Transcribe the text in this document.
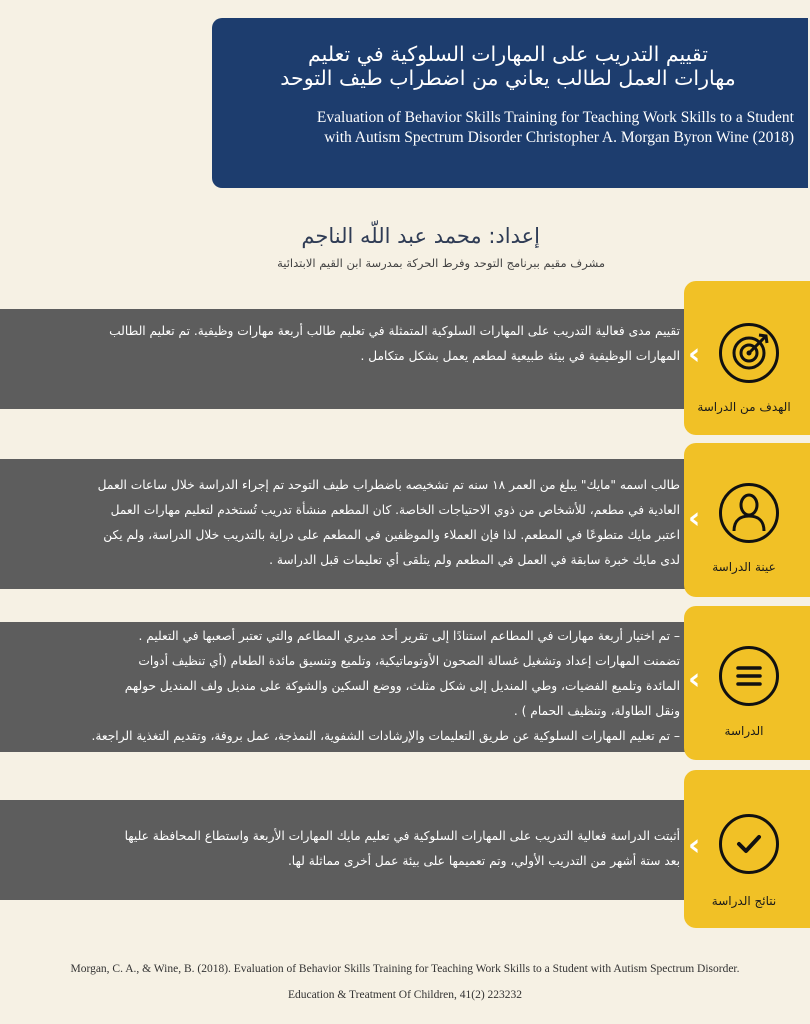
تقييم التدريب على المهارات السلوكية في تعليم
مهارات العمل لطالب يعاني من اضطراب طيف التوحد
Evaluation of Behavior Skills Training for Teaching Work Skills to a Student
with Autism Spectrum Disorder Christopher A. Morgan Byron Wine (2018)
إعداد: محمد عبد اللّه الناجم
مشرف مقيم ببرنامج التوحد وفرط الحركة بمدرسة ابن القيم الابتدائية

تقييم مدى فعالية التدريب على المهارات السلوكية المتمثلة في تعليم طالب أربعة مهارات وظيفية. تم تعليم الطالب

المهارات الوظيفية في بيئة طبيعية لمطعم يعمل بشكل متكامل . ‹
الهدف من الدراسة

طالب اسمه "مايك" يبلغ من العمر ١٨ سنه تم تشخيصه باضطراب طيف التوحد تم إجراء الدراسة خلال ساعات العمل

العادية في مطعم، للأشخاص من ذوي الاحتياجات الخاصة. كان المطعم منشأة تدريب تُستخدم لتعليم مهارات العمل

اعتبر مايك متطوعًا في المطعم. لذا فإن العملاء والموظفين في المطعم على دراية بالتدريب خلال الدراسة، ولم يكن

لدى مايك خبرة سابقة في العمل في المطعم ولم يتلقى أي تعليمات قبل الدراسة .

‹
عينة الدراسة

– تم اختيار أربعة مهارات في المطاعم استنادًا إلى تقرير أحد مديري المطاعم والتي تعتبر أصعبها في التعليم .

تضمنت المهارات إعداد وتشغيل غسالة الصحون الأوتوماتيكية، وتلميع وتنسيق مائدة الطعام (أي تنظيف أدوات

المائدة وتلميع الفضيات، وطي المنديل إلى شكل مثلث، ووضع السكين والشوكة على منديل ولف المنديل حولهم

ونقل الطاولة، وتنظيف الحمام ) .

– تم تعليم المهارات السلوكية عن طريق التعليمات والإرشادات الشفوية، النمذجة، عمل بروفة، وتقديم التغذية الراجعة.

‹
الدراسة

أثبتت الدراسة فعالية التدريب على المهارات السلوكية في تعليم مايك المهارات الأربعة واستطاع المحافظة عليها

بعد ستة أشهر من التدريب الأولي، وتم تعميمها على بيئة عمل أخرى مماثلة لها. ‹
نتائج الدراسة
Morgan, C. A., & Wine, B. (2018). Evaluation of Behavior Skills Training for Teaching Work Skills to a Student with Autism Spectrum Disorder.
Education & Treatment Of Children, 41(2) 223232
